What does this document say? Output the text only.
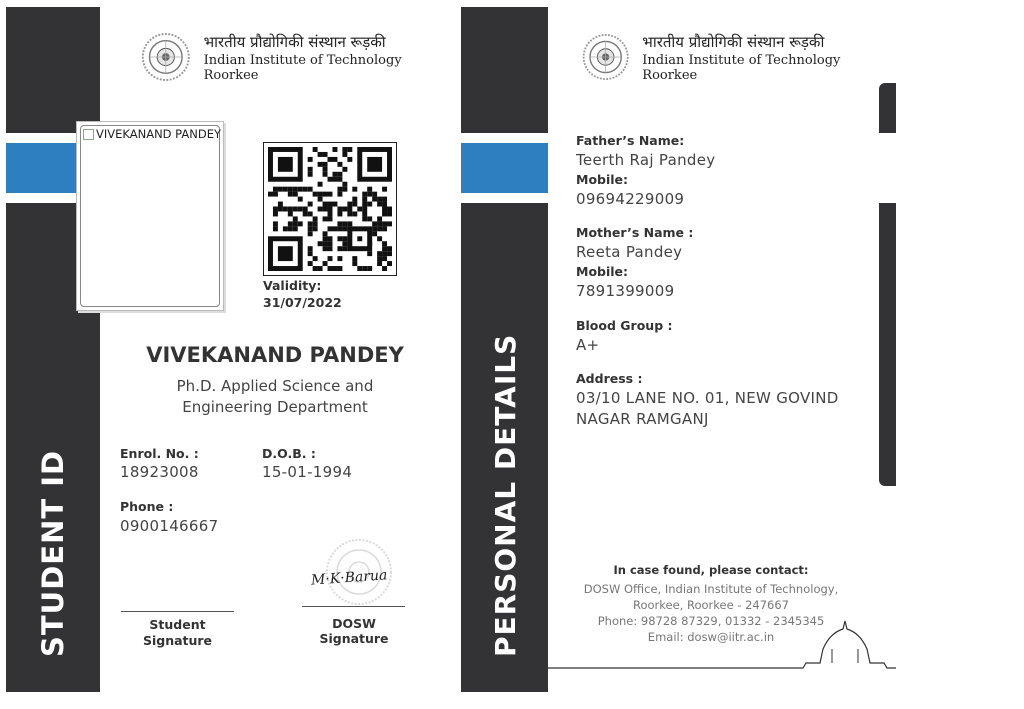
STUDENT ID
भारतीय प्रौद्योगिकी संस्थान रूड़की
Indian Institute of Technology Roorkee
VIVEKANAND PANDEY
Validity:
31/07/2022
VIVEKANAND PANDEY
Ph.D. Applied Science and
Engineering Department
Enrol. No. :
18923008
D.O.B. :
15-01-1994
Phone :
0900146667
M·K·Barua
Student
Signature
DOSW Signature	PERSONAL DETAILS
भारतीय प्रौद्योगिकी संस्थान रूड़की
Indian Institute of Technology Roorkee
Father’s Name:
Teerth Raj Pandey
Mobile:
09694229009
Mother’s Name :
Reeta Pandey
Mobile:
7891399009
Blood Group :
A+
Address :
03/10 LANE NO. 01, NEW GOVIND
NAGAR RAMGANJ
In case found, please contact:
DOSW Office, Indian Institute of Technology,
Roorkee, Roorkee - 247667
Phone: 98728 87329, 01332 - 2345345
Email: dosw@iitr.ac.in
